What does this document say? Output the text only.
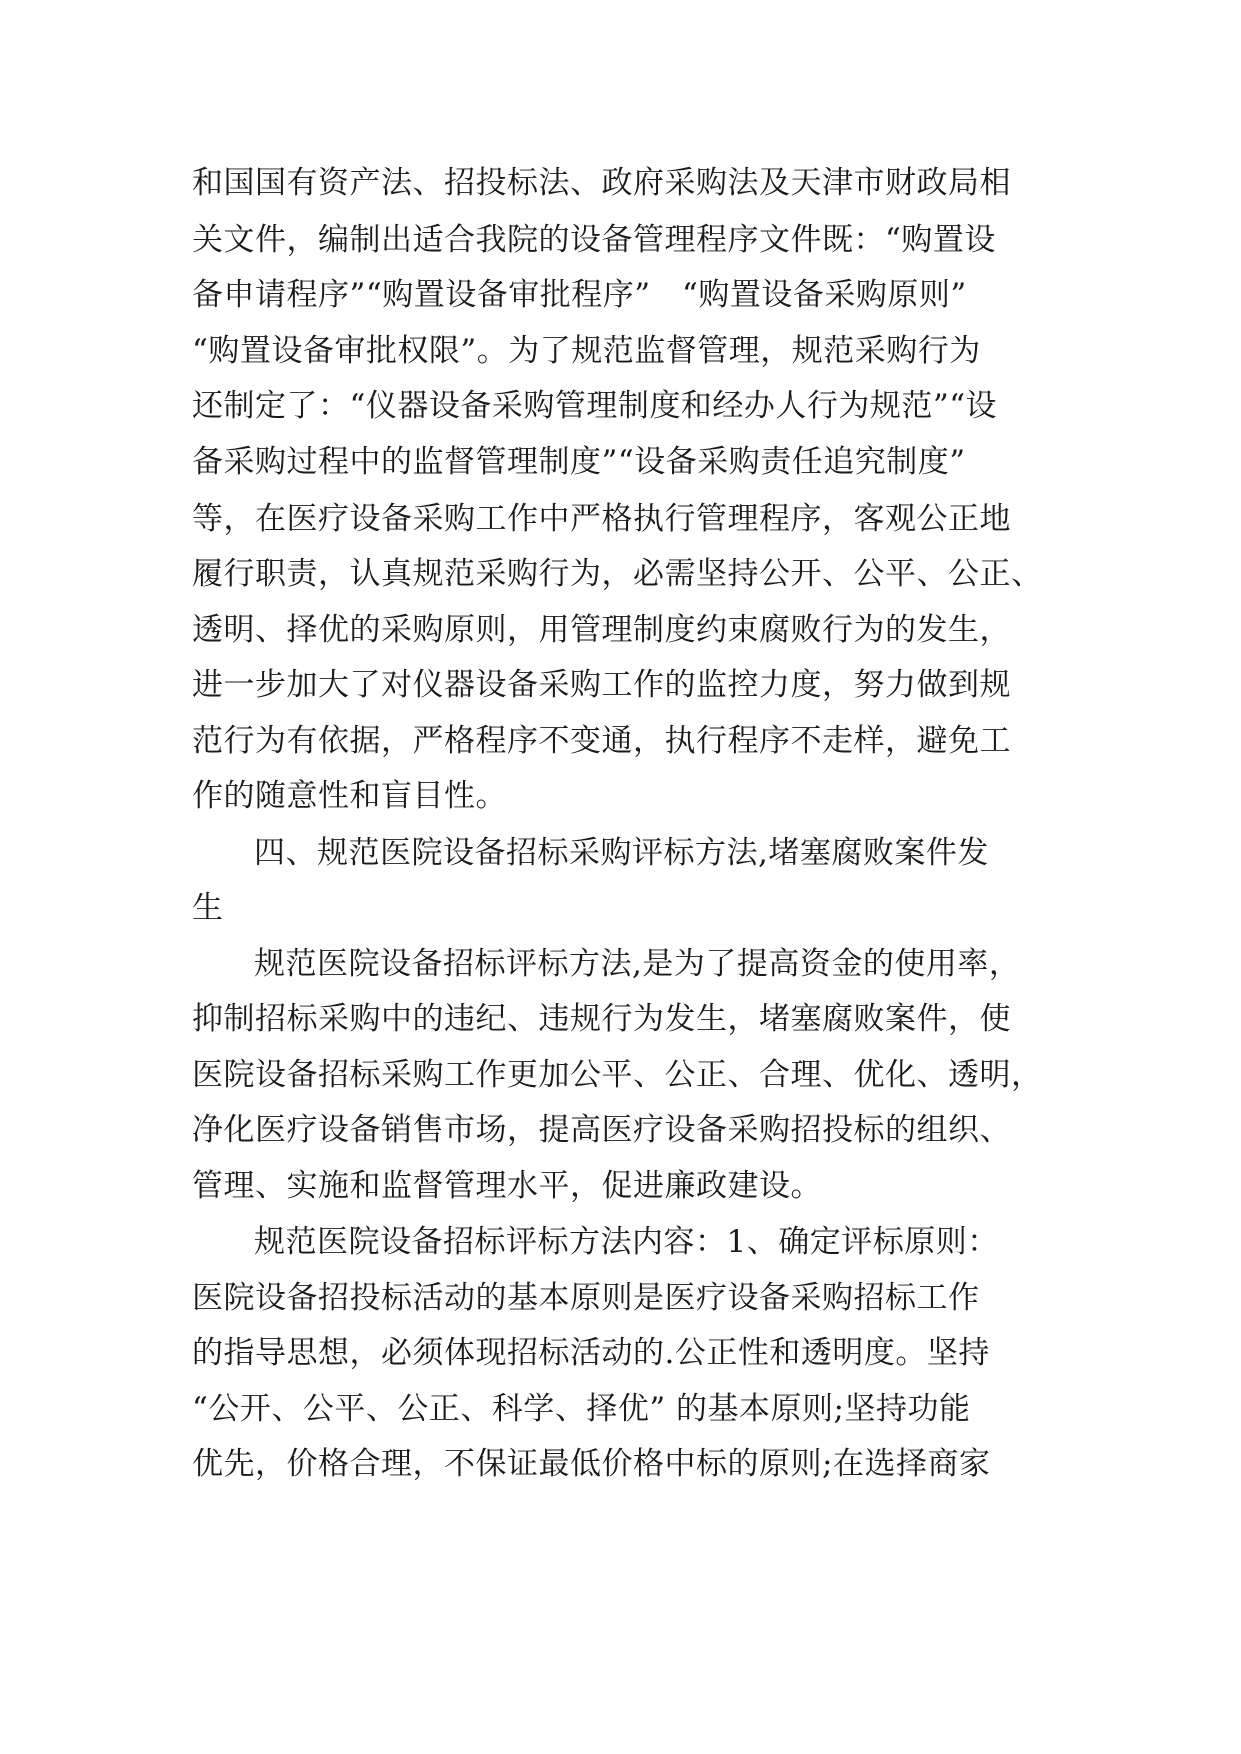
和国国有资产法、招投标法、政府采购法及天津市财政局相
关文件，编制出适合我院的设备管理程序文件既：“购置设
备申请程序”“购置设备审批程序”　“购置设备采购原则”
“购置设备审批权限”。为了规范监督管理，规范采购行为
还制定了：“仪器设备采购管理制度和经办人行为规范”“设
备采购过程中的监督管理制度”“设备采购责任追究制度”
等，在医疗设备采购工作中严格执行管理程序，客观公正地
履行职责，认真规范采购行为，必需坚持公开、公平、公正、
透明、择优的采购原则，用管理制度约束腐败行为的发生，
进一步加大了对仪器设备采购工作的监控力度，努力做到规
范行为有依据，严格程序不变通，执行程序不走样，避免工
作的随意性和盲目性。
四、规范医院设备招标采购评标方法,堵塞腐败案件发
生
规范医院设备招标评标方法,是为了提高资金的使用率，
抑制招标采购中的违纪、违规行为发生，堵塞腐败案件，使
医院设备招标采购工作更加公平、公正、合理、优化、透明，
净化医疗设备销售市场，提高医疗设备采购招投标的组织、
管理、实施和监督管理水平，促进廉政建设。
规范医院设备招标评标方法内容：1、确定评标原则：
医院设备招投标活动的基本原则是医疗设备采购招标工作
的指导思想，必须体现招标活动的.公正性和透明度。坚持
“公开、公平、公正、科学、择优” 的基本原则;坚持功能
优先，价格合理，不保证最低价格中标的原则;在选择商家
